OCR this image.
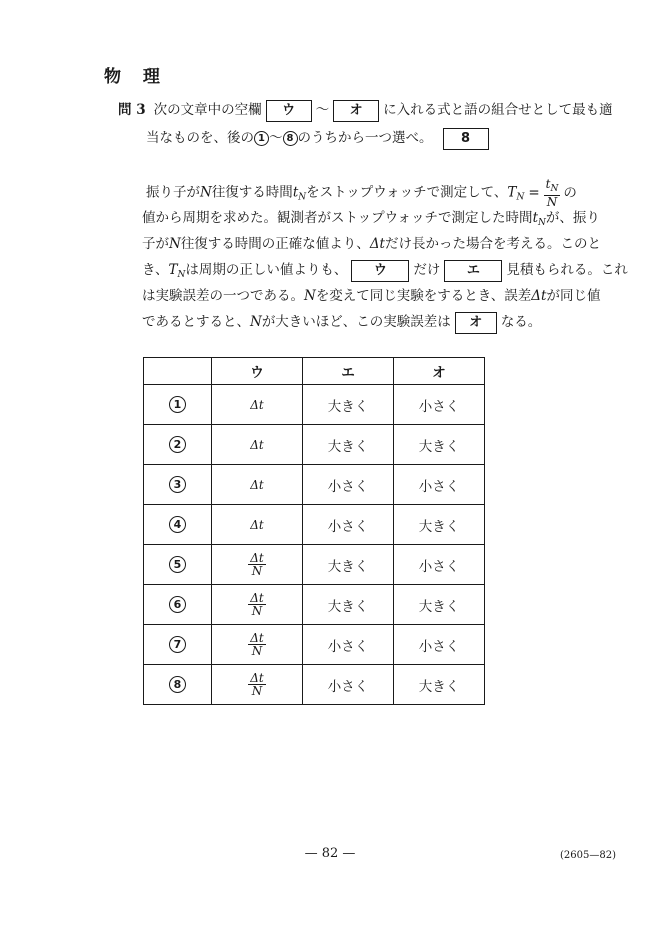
物 理
問 3 次の文章中の空欄 ウ 〜 オ に入れる式と語の組合せとして最も適
当なものを、後の 1 〜 8 のうちから一つ選べ。 8
振り子がN往復する時間$t_N$をストップウォッチで測定して、$T_N = \frac{t_N}{N}$ の
値から周期を求めた。観測者がストップウォッチで測定した時間$t_N$が、振り
子がN往復する時間の正確な値より、Δtだけ長かった場合を考える。このと
き、$T_N$は周期の正しい値よりも、 ウ だけ エ 見積もられる。これ
は実験誤差の一つである。Nを変えて同じ実験をするとき、誤差Δtが同じ値
であるとすると、Nが大きいほど、この実験誤差は オ なる。
	ウ	エ	オ
1	Δt	大きく	小さく
2	Δt	大きく	大きく
3	Δt	小さく	小さく
4	Δt	小さく	大きく
5	$\frac{\Delta t}{N}$	大きく	小さく
6	$\frac{\Delta t}{N}$	大きく	大きく
7	$\frac{\Delta t}{N}$	小さく	小さく
8	$\frac{\Delta t}{N}$	小さく	大きく
— 82 —	(2605—82)
